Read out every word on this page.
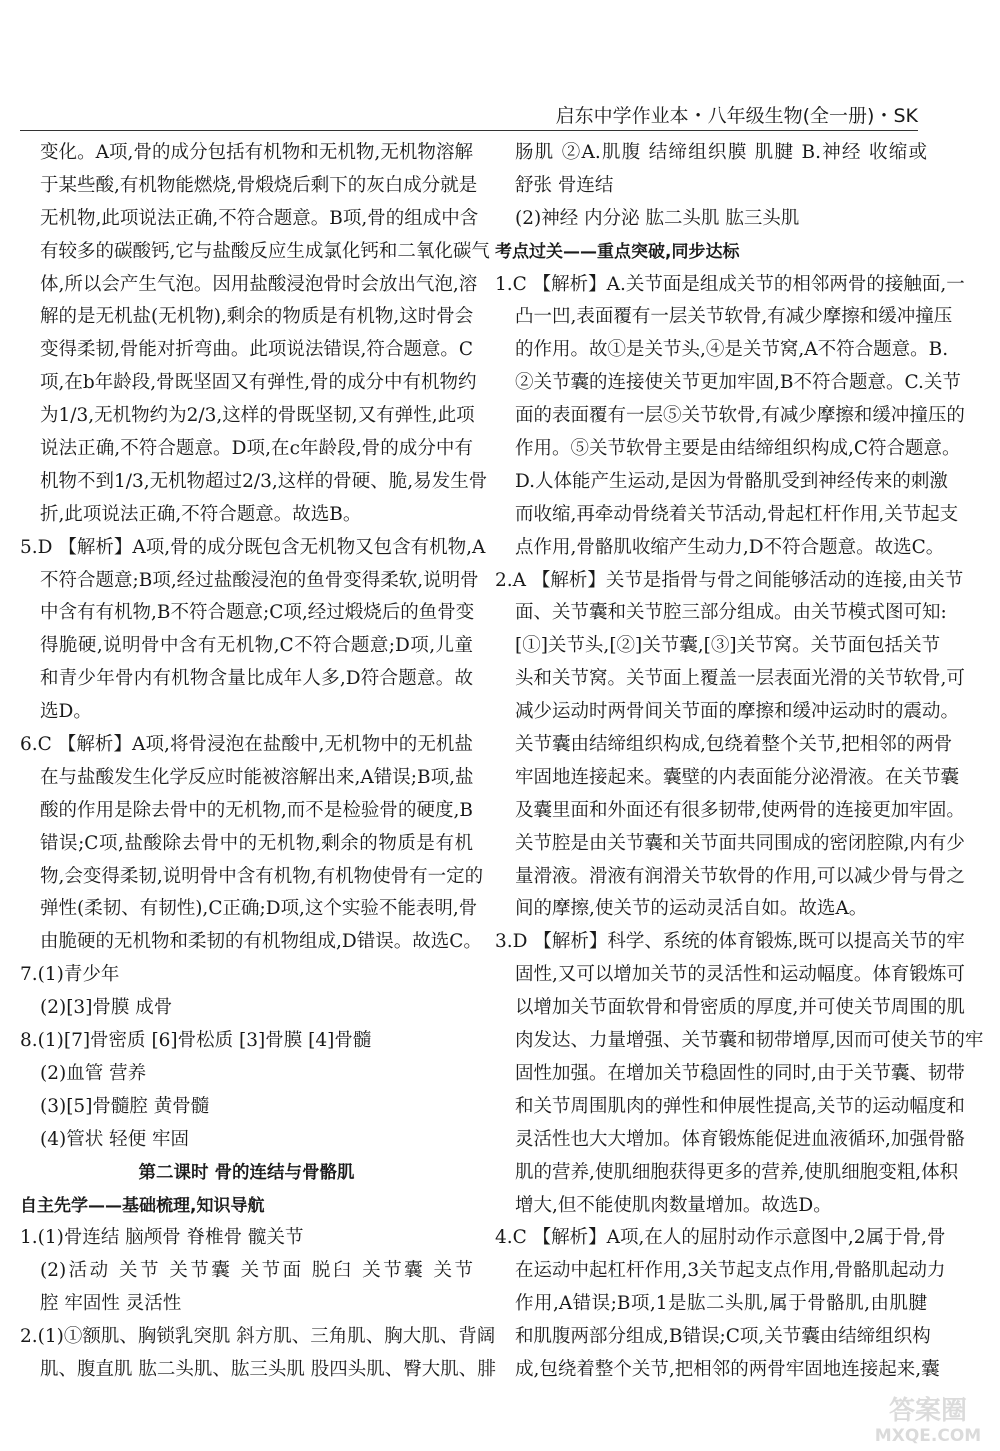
启东中学作业本・八年级生物(全一册)・SK
变化。A项,骨的成分包括有机物和无机物,无机物溶解
于某些酸,有机物能燃烧,骨煅烧后剩下的灰白成分就是
无机物,此项说法正确,不符合题意。B项,骨的组成中含
有较多的碳酸钙,它与盐酸反应生成氯化钙和二氧化碳气
体,所以会产生气泡。因用盐酸浸泡骨时会放出气泡,溶
解的是无机盐(无机物),剩余的物质是有机物,这时骨会
变得柔韧,骨能对折弯曲。此项说法错误,符合题意。C
项,在b年龄段,骨既坚固又有弹性,骨的成分中有机物约
为1/3,无机物约为2/3,这样的骨既坚韧,又有弹性,此项
说法正确,不符合题意。D项,在c年龄段,骨的成分中有
机物不到1/3,无机物超过2/3,这样的骨硬、脆,易发生骨
折,此项说法正确,不符合题意。故选B。
5.D 【解析】A项,骨的成分既包含无机物又包含有机物,A
不符合题意;B项,经过盐酸浸泡的鱼骨变得柔软,说明骨
中含有有机物,B不符合题意;C项,经过煅烧后的鱼骨变
得脆硬,说明骨中含有无机物,C不符合题意;D项,儿童
和青少年骨内有机物含量比成年人多,D符合题意。故
选D。
6.C 【解析】A项,将骨浸泡在盐酸中,无机物中的无机盐
在与盐酸发生化学反应时能被溶解出来,A错误;B项,盐
酸的作用是除去骨中的无机物,而不是检验骨的硬度,B
错误;C项,盐酸除去骨中的无机物,剩余的物质是有机
物,会变得柔韧,说明骨中含有机物,有机物使骨有一定的
弹性(柔韧、有韧性),C正确;D项,这个实验不能表明,骨
由脆硬的无机物和柔韧的有机物组成,D错误。故选C。
7.(1)青少年
(2)[3]骨膜 成骨
8.(1)[7]骨密质 [6]骨松质 [3]骨膜 [4]骨髓
(2)血管 营养
(3)[5]骨髓腔 黄骨髓
(4)管状 轻便 牢固
第二课时 骨的连结与骨骼肌
自主先学——基础梳理,知识导航
1.(1)骨连结 脑颅骨 脊椎骨 髋关节
(2)活动 关节 关节囊 关节面 脱臼 关节囊 关节
腔 牢固性 灵活性
2.(1)①额肌、胸锁乳突肌 斜方肌、三角肌、胸大肌、背阔
肌、腹直肌 肱二头肌、肱三头肌 股四头肌、臀大肌、腓
肠肌 ②A.肌腹 结缔组织膜 肌腱 B.神经 收缩或
舒张 骨连结
(2)神经 内分泌 肱二头肌 肱三头肌
考点过关——重点突破,同步达标
1.C 【解析】A.关节面是组成关节的相邻两骨的接触面,一
凸一凹,表面覆有一层关节软骨,有减少摩擦和缓冲撞压
的作用。故①是关节头,④是关节窝,A不符合题意。B.
②关节囊的连接使关节更加牢固,B不符合题意。C.关节
面的表面覆有一层⑤关节软骨,有减少摩擦和缓冲撞压的
作用。⑤关节软骨主要是由结缔组织构成,C符合题意。
D.人体能产生运动,是因为骨骼肌受到神经传来的刺激
而收缩,再牵动骨绕着关节活动,骨起杠杆作用,关节起支
点作用,骨骼肌收缩产生动力,D不符合题意。故选C。
2.A 【解析】关节是指骨与骨之间能够活动的连接,由关节
面、关节囊和关节腔三部分组成。由关节模式图可知:
[①]关节头,[②]关节囊,[③]关节窝。关节面包括关节
头和关节窝。关节面上覆盖一层表面光滑的关节软骨,可
减少运动时两骨间关节面的摩擦和缓冲运动时的震动。
关节囊由结缔组织构成,包绕着整个关节,把相邻的两骨
牢固地连接起来。囊壁的内表面能分泌滑液。在关节囊
及囊里面和外面还有很多韧带,使两骨的连接更加牢固。
关节腔是由关节囊和关节面共同围成的密闭腔隙,内有少
量滑液。滑液有润滑关节软骨的作用,可以减少骨与骨之
间的摩擦,使关节的运动灵活自如。故选A。
3.D 【解析】科学、系统的体育锻炼,既可以提高关节的牢
固性,又可以增加关节的灵活性和运动幅度。体育锻炼可
以增加关节面软骨和骨密质的厚度,并可使关节周围的肌
肉发达、力量增强、关节囊和韧带增厚,因而可使关节的牢
固性加强。在增加关节稳固性的同时,由于关节囊、韧带
和关节周围肌肉的弹性和伸展性提高,关节的运动幅度和
灵活性也大大增加。体育锻炼能促进血液循环,加强骨骼
肌的营养,使肌细胞获得更多的营养,使肌细胞变粗,体积
增大,但不能使肌肉数量增加。故选D。
4.C 【解析】A项,在人的屈肘动作示意图中,2属于骨,骨
在运动中起杠杆作用,3关节起支点作用,骨骼肌起动力
作用,A错误;B项,1是肱二头肌,属于骨骼肌,由肌腱
和肌腹两部分组成,B错误;C项,关节囊由结缔组织构
成,包绕着整个关节,把相邻的两骨牢固地连接起来,囊
答案圈
MXQE.COM
